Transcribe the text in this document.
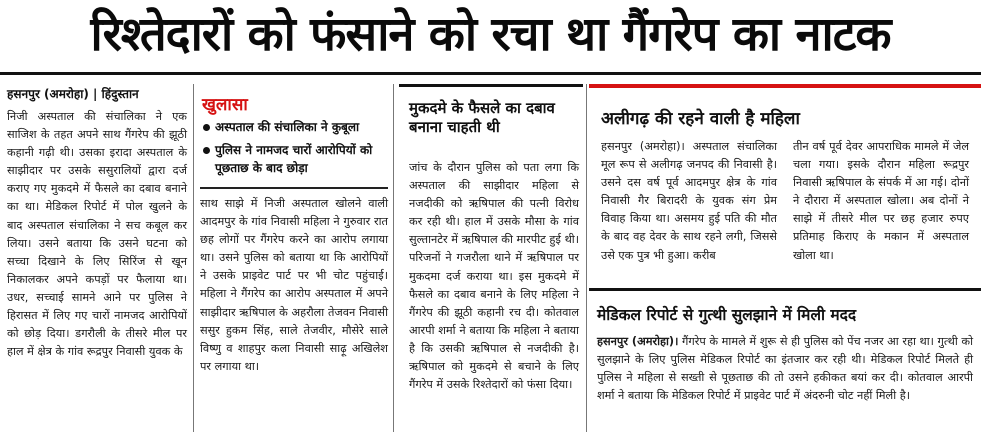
रिश्तेदारों को फंसाने को रचा था गैंगरेप का नाटक
हसनपुर (अमरोहा) | हिंदुस्तान

निजी अस्पताल की संचालिका ने एक साजिश के तहत अपने साथ गैंगरेप की झूठी कहानी गढ़ी थी। उसका इरादा अस्पताल के साझीदार पर उसके ससुरालियों द्वारा दर्ज कराए गए मुकदमे में फैसले का दबाव बनाने का था। मेडिकल रिपोर्ट में पोल खुलने के बाद अस्पताल संचालिका ने सच कबूल कर लिया। उसने बताया कि उसने घटना को सच्चा दिखाने के लिए सिरिंज से खून निकालकर अपने कपड़ों पर फैलाया था। उधर, सच्चाई सामने आने पर पुलिस ने हिरासत में लिए गए चारों नामजद आरोपियों को छोड़ दिया। डगरौली के तीसरे मील पर हाल में क्षेत्र के गांव रूद्रपुर निवासी युवक के

खुलासा
अस्पताल की संचालिका ने कुबूला
पुलिस ने नामजद चारों आरोपियों को पूछताछ के बाद छोड़ा

साथ साझे में निजी अस्पताल खोलने वाली आदमपुर के गांव निवासी महिला ने गुरुवार रात छह लोगों पर गैंगरेप करने का आरोप लगाया था। उसने पुलिस को बताया था कि आरोपियों ने उसके प्राइवेट पार्ट पर भी चोट पहुंचाई। महिला ने गैंगरेप का आरोप अस्पताल में अपने साझीदार ऋषिपाल के अहरौला तेजवन निवासी ससुर हुकम सिंह, साले तेजवीर, मौसेरे साले विष्णु व शाहपुर कला निवासी साढ़ू अखिलेश पर लगाया था।

मुकदमे के फैसले का दबाव बनाना चाहती थी

जांच के दौरान पुलिस को पता लगा कि अस्पताल की साझीदार महिला से नजदीकी को ऋषिपाल की पत्नी विरोध कर रही थी। हाल में उसके मौसा के गांव सुल्तानटेर में ऋषिपाल की मारपीट हुई थी। परिजनों ने गजरौला थाने में ऋषिपाल पर मुकदमा दर्ज कराया था। इस मुकदमे में फैसले का दबाव बनाने के लिए महिला ने गैंगरेप की झूठी कहानी रच दी। कोतवाल आरपी शर्मा ने बताया कि महिला ने बताया है कि उसकी ऋषिपाल से नजदीकी है। ऋषिपाल को मुकदमे से बचाने के लिए गैंगरेप में उसके रिश्तेदारों को फंसा दिया।

अलीगढ़ की रहने वाली है महिला

हसनपुर (अमरोहा)। अस्पताल संचालिका मूल रूप से अलीगढ़ जनपद की निवासी है। उसने दस वर्ष पूर्व आदमपुर क्षेत्र के गांव निवासी गैर बिरादरी के युवक संग प्रेम विवाह किया था। असमय हुई पति की मौत के बाद वह देवर के साथ रहने लगी, जिससे उसे एक पुत्र भी हुआ। करीब

तीन वर्ष पूर्व देवर आपराधिक मामले में जेल चला गया। इसके दौरान महिला रूद्रपुर निवासी ऋषिपाल के संपर्क में आ गई। दोनों ने दौरारा में अस्पताल खोला। अब दोनों ने साझे में तीसरे मील पर छह हजार रुपए प्रतिमाह किराए के मकान में अस्पताल खोला था।

मेडिकल रिपोर्ट से गुत्थी सुलझाने में मिली मदद

हसनपुर (अमरोहा)। गैंगरेप के मामले में शुरू से ही पुलिस को पेंच नजर आ रहा था। गुत्थी को सुलझाने के लिए पुलिस मेडिकल रिपोर्ट का इंतजार कर रही थी। मेडिकल रिपोर्ट मिलते ही पुलिस ने महिला से सख्ती से पूछताछ की तो उसने हकीकत बयां कर दी। कोतवाल आरपी शर्मा ने बताया कि मेडिकल रिपोर्ट में प्राइवेट पार्ट में अंदरुनी चोट नहीं मिली है।
